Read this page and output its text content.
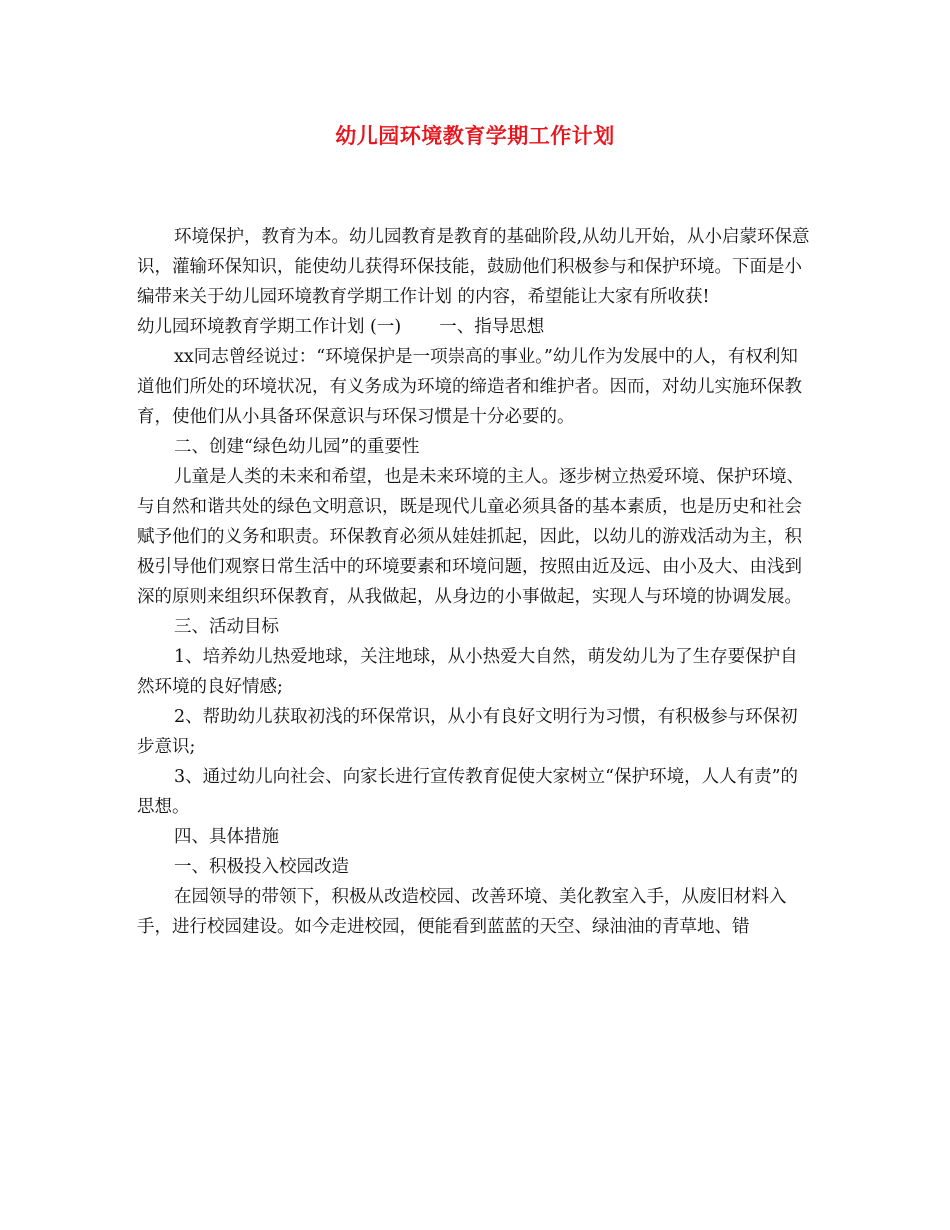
幼儿园环境教育学期工作计划

环境保护，教育为本。幼儿园教育是教育的基础阶段,从幼儿开始，从小启蒙环保意识，灌输环保知识，能使幼儿获得环保技能，鼓励他们积极参与和保护环境。下面是小编带来关于幼儿园环境教育学期工作计划 的内容，希望能让大家有所收获!

幼儿园环境教育学期工作计划 (一) 一、指导思想

xx同志曾经说过：“环境保护是一项崇高的事业。”幼儿作为发展中的人，有权利知道他们所处的环境状况，有义务成为环境的缔造者和维护者。因而，对幼儿实施环保教育，使他们从小具备环保意识与环保习惯是十分必要的。

二、创建“绿色幼儿园”的重要性

儿童是人类的未来和希望，也是未来环境的主人。逐步树立热爱环境、保护环境、与自然和谐共处的绿色文明意识，既是现代儿童必须具备的基本素质，也是历史和社会赋予他们的义务和职责。环保教育必须从娃娃抓起，因此，以幼儿的游戏活动为主，积极引导他们观察日常生活中的环境要素和环境问题，按照由近及远、由小及大、由浅到深的原则来组织环保教育，从我做起，从身边的小事做起，实现人与环境的协调发展。

三、活动目标

1、培养幼儿热爱地球，关注地球，从小热爱大自然，萌发幼儿为了生存要保护自然环境的良好情感;

2、帮助幼儿获取初浅的环保常识，从小有良好文明行为习惯，有积极参与环保初步意识;

3、通过幼儿向社会、向家长进行宣传教育促使大家树立“保护环境，人人有责”的思想。

四、具体措施

一、积极投入校园改造

在园领导的带领下，积极从改造校园、改善环境、美化教室入手，从废旧材料入手，进行校园建设。如今走进校园，便能看到蓝蓝的天空、绿油油的青草地、错
